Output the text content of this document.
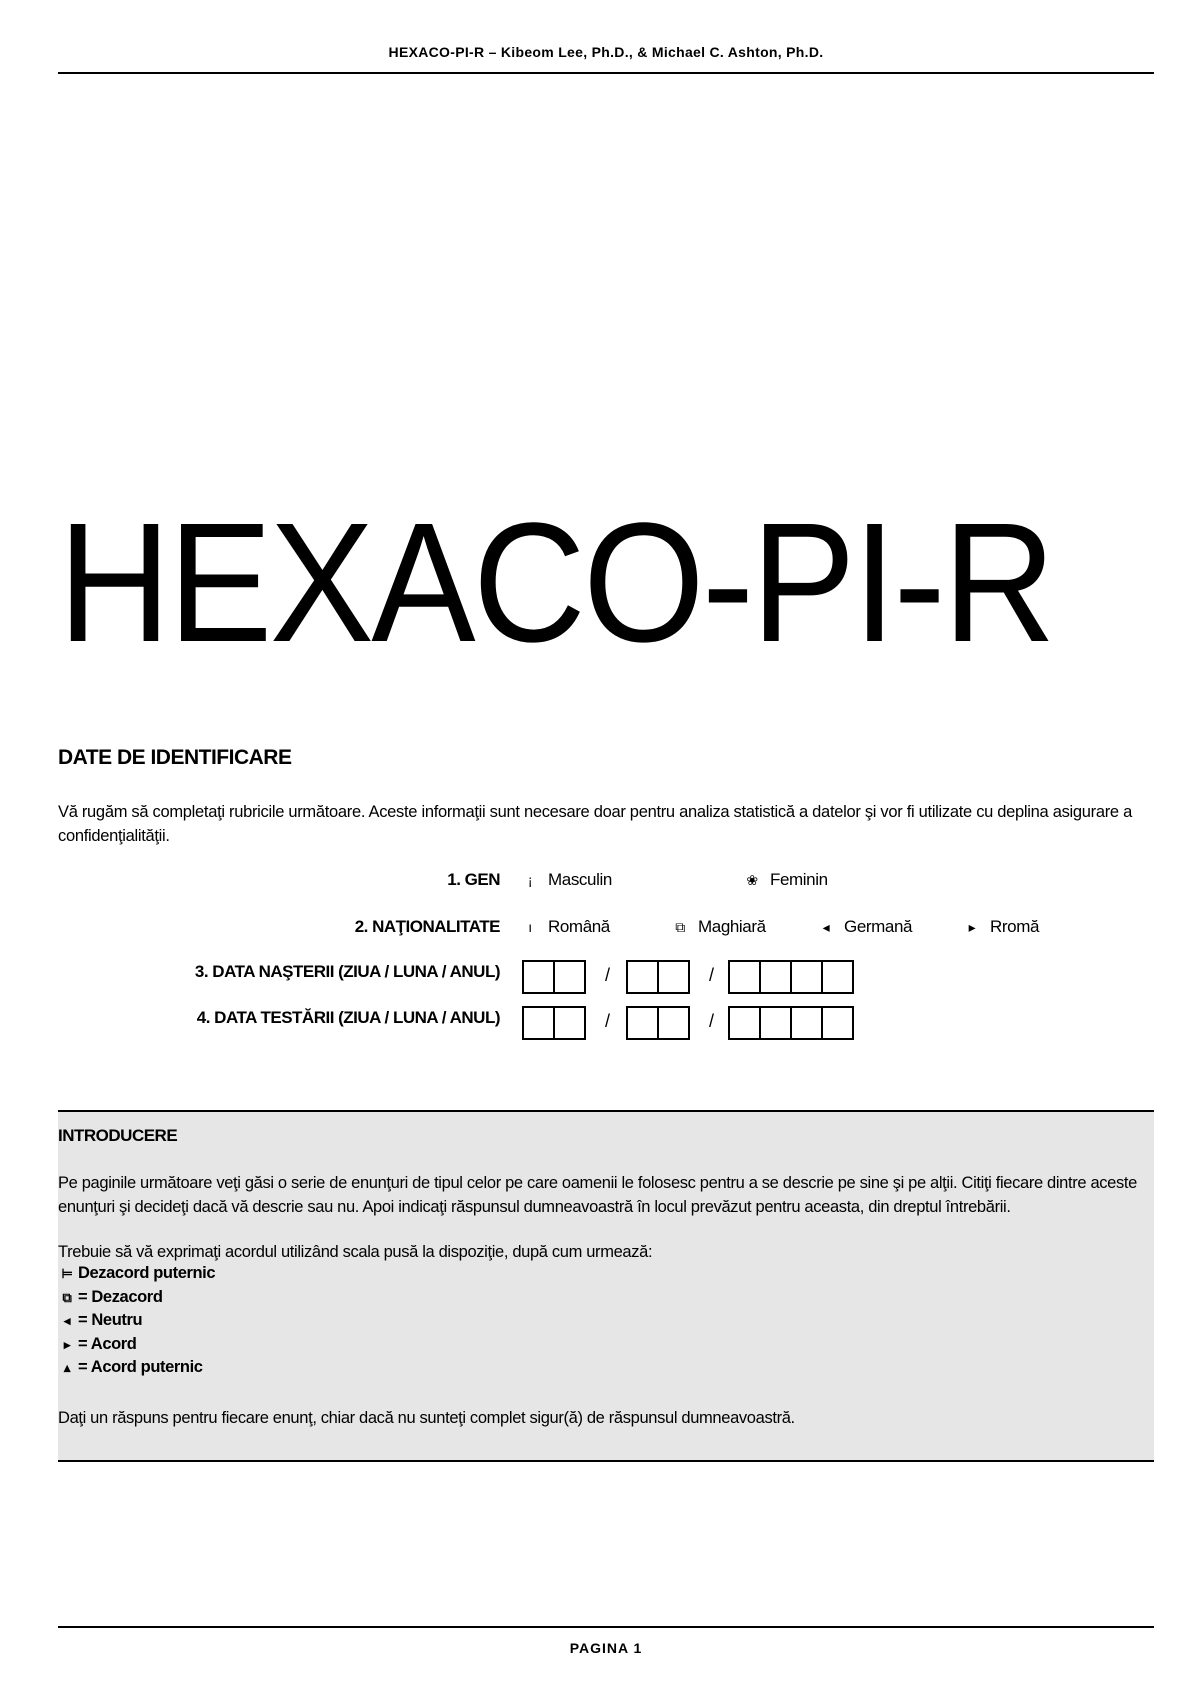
HEXACO-PI-R – Kibeom Lee, Ph.D., & Michael C. Ashton, Ph.D.
HEXACO-PI-R
DATE DE IDENTIFICARE
Vă rugăm să completaţi rubricile următoare. Aceste informaţii sunt necesare doar pentru analiza statistică a datelor şi vor fi utilizate cu deplina asigurare a confidenţialităţii.
1. GEN	¡ Masculin	❀ Feminin
2. NAŢIONALITATE	ı Română	⧉ Maghiară	◂ Germană	▸ Rromă
3. DATA NAŞTERII (ZIUA / LUNA / ANUL)	/	/
4. DATA TESTĂRII (ZIUA / LUNA / ANUL)	/	/
INTRODUCERE
Pe paginile următoare veţi găsi o serie de enunţuri de tipul celor pe care oamenii le folosesc pentru a se descrie pe sine şi pe alţii. Citiţi fiecare dintre aceste enunţuri şi decideţi dacă vă descrie sau nu. Apoi indicaţi răspunsul dumneavoastră în locul prevăzut pentru aceasta, din dreptul întrebării.
Trebuie să vă exprimaţi acordul utilizând scala pusă la dispoziţie, după cum urmează:
⊨ Dezacord puternic
⧉ = Dezacord
◂ = Neutru
▸ = Acord
▴ = Acord puternic
Daţi un răspuns pentru fiecare enunţ, chiar dacă nu sunteţi complet sigur(ă) de răspunsul dumneavoastră.
PAGINA 1
